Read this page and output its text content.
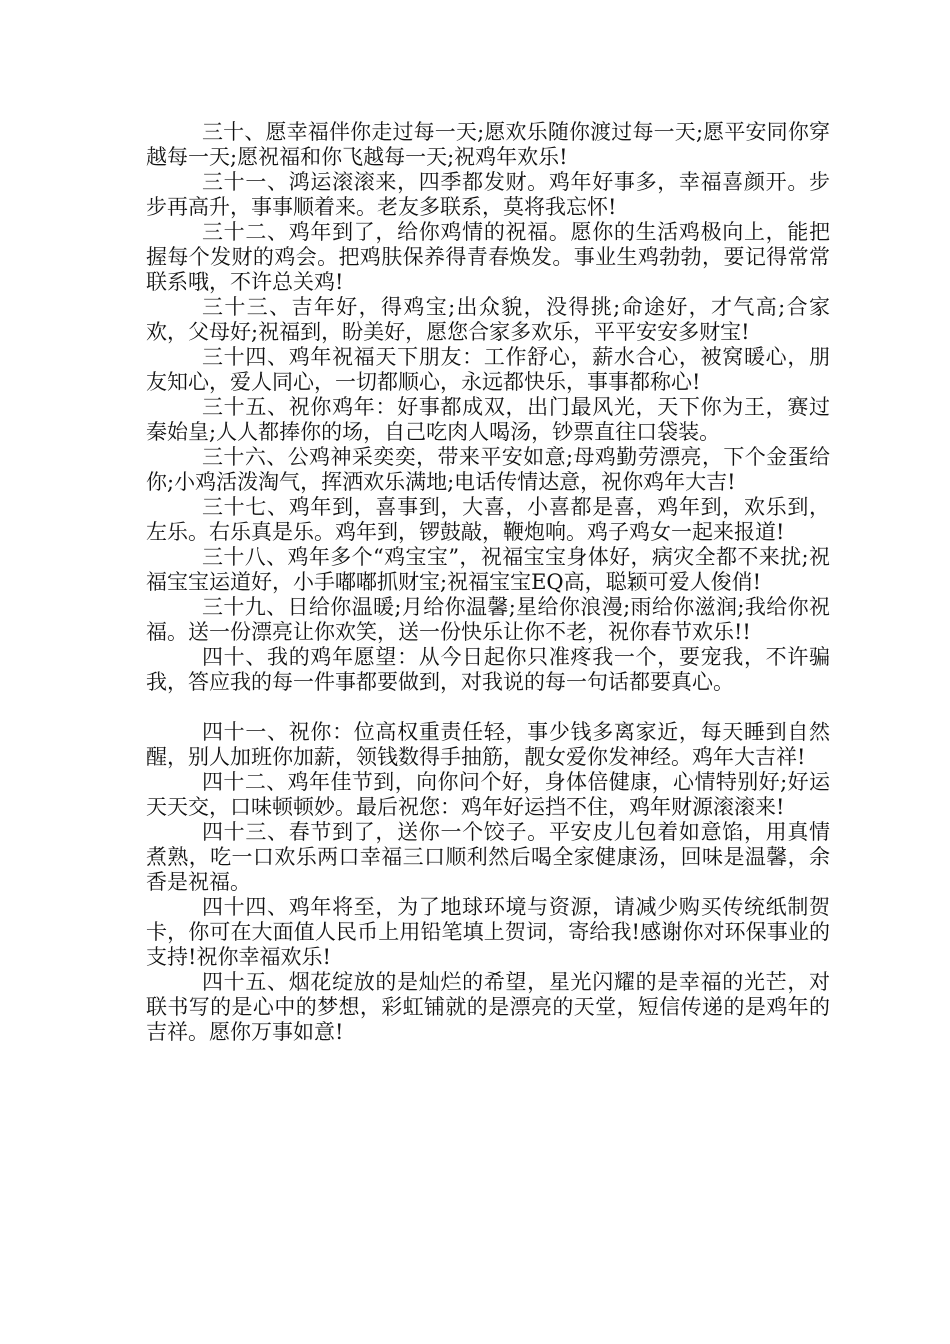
三十、愿幸福伴你走过每一天;愿欢乐随你渡过每一天;愿平安同你穿越每一天;愿祝福和你飞越每一天;祝鸡年欢乐!

三十一、鸿运滚滚来，四季都发财。鸡年好事多，幸福喜颜开。步步再高升，事事顺着来。老友多联系，莫将我忘怀!

三十二、鸡年到了，给你鸡情的祝福。愿你的生活鸡极向上，能把握每个发财的鸡会。把鸡肤保养得青春焕发。事业生鸡勃勃，要记得常常联系哦，不许总关鸡!

三十三、吉年好，得鸡宝;出众貌，没得挑;命途好，才气高;合家欢，父母好;祝福到，盼美好，愿您合家多欢乐，平平安安多财宝!

三十四、鸡年祝福天下朋友：工作舒心，薪水合心，被窝暖心，朋友知心，爱人同心，一切都顺心，永远都快乐，事事都称心!

三十五、祝你鸡年：好事都成双，出门最风光，天下你为王，赛过秦始皇;人人都捧你的场，自己吃肉人喝汤，钞票直往口袋装。

三十六、公鸡神采奕奕，带来平安如意;母鸡勤劳漂亮，下个金蛋给你;小鸡活泼淘气，挥洒欢乐满地;电话传情达意，祝你鸡年大吉!

三十七、鸡年到，喜事到，大喜，小喜都是喜，鸡年到，欢乐到，左乐。右乐真是乐。鸡年到，锣鼓敲，鞭炮响。鸡子鸡女一起来报道!

三十八、鸡年多个“鸡宝宝”，祝福宝宝身体好，病灾全都不来扰;祝福宝宝运道好，小手嘟嘟抓财宝;祝福宝宝EQ高，聪颖可爱人俊俏!

三十九、日给你温暖;月给你温馨;星给你浪漫;雨给你滋润;我给你祝福。送一份漂亮让你欢笑，送一份快乐让你不老，祝你春节欢乐!!

四十、我的鸡年愿望：从今日起你只准疼我一个，要宠我，不许骗我，答应我的每一件事都要做到，对我说的每一句话都要真心。

四十一、祝你：位高权重责任轻，事少钱多离家近，每天睡到自然醒，别人加班你加薪，领钱数得手抽筋，靓女爱你发神经。鸡年大吉祥!

四十二、鸡年佳节到，向你问个好，身体倍健康，心情特别好;好运天天交，口味顿顿妙。最后祝您：鸡年好运挡不住，鸡年财源滚滚来!

四十三、春节到了，送你一个饺子。平安皮儿包着如意馅，用真情煮熟，吃一口欢乐两口幸福三口顺利然后喝全家健康汤，回味是温馨，余香是祝福。

四十四、鸡年将至，为了地球环境与资源，请减少购买传统纸制贺卡，你可在大面值人民币上用铅笔填上贺词，寄给我!感谢你对环保事业的支持!祝你幸福欢乐!

四十五、烟花绽放的是灿烂的希望，星光闪耀的是幸福的光芒，对联书写的是心中的梦想，彩虹铺就的是漂亮的天堂，短信传递的是鸡年的吉祥。愿你万事如意!
